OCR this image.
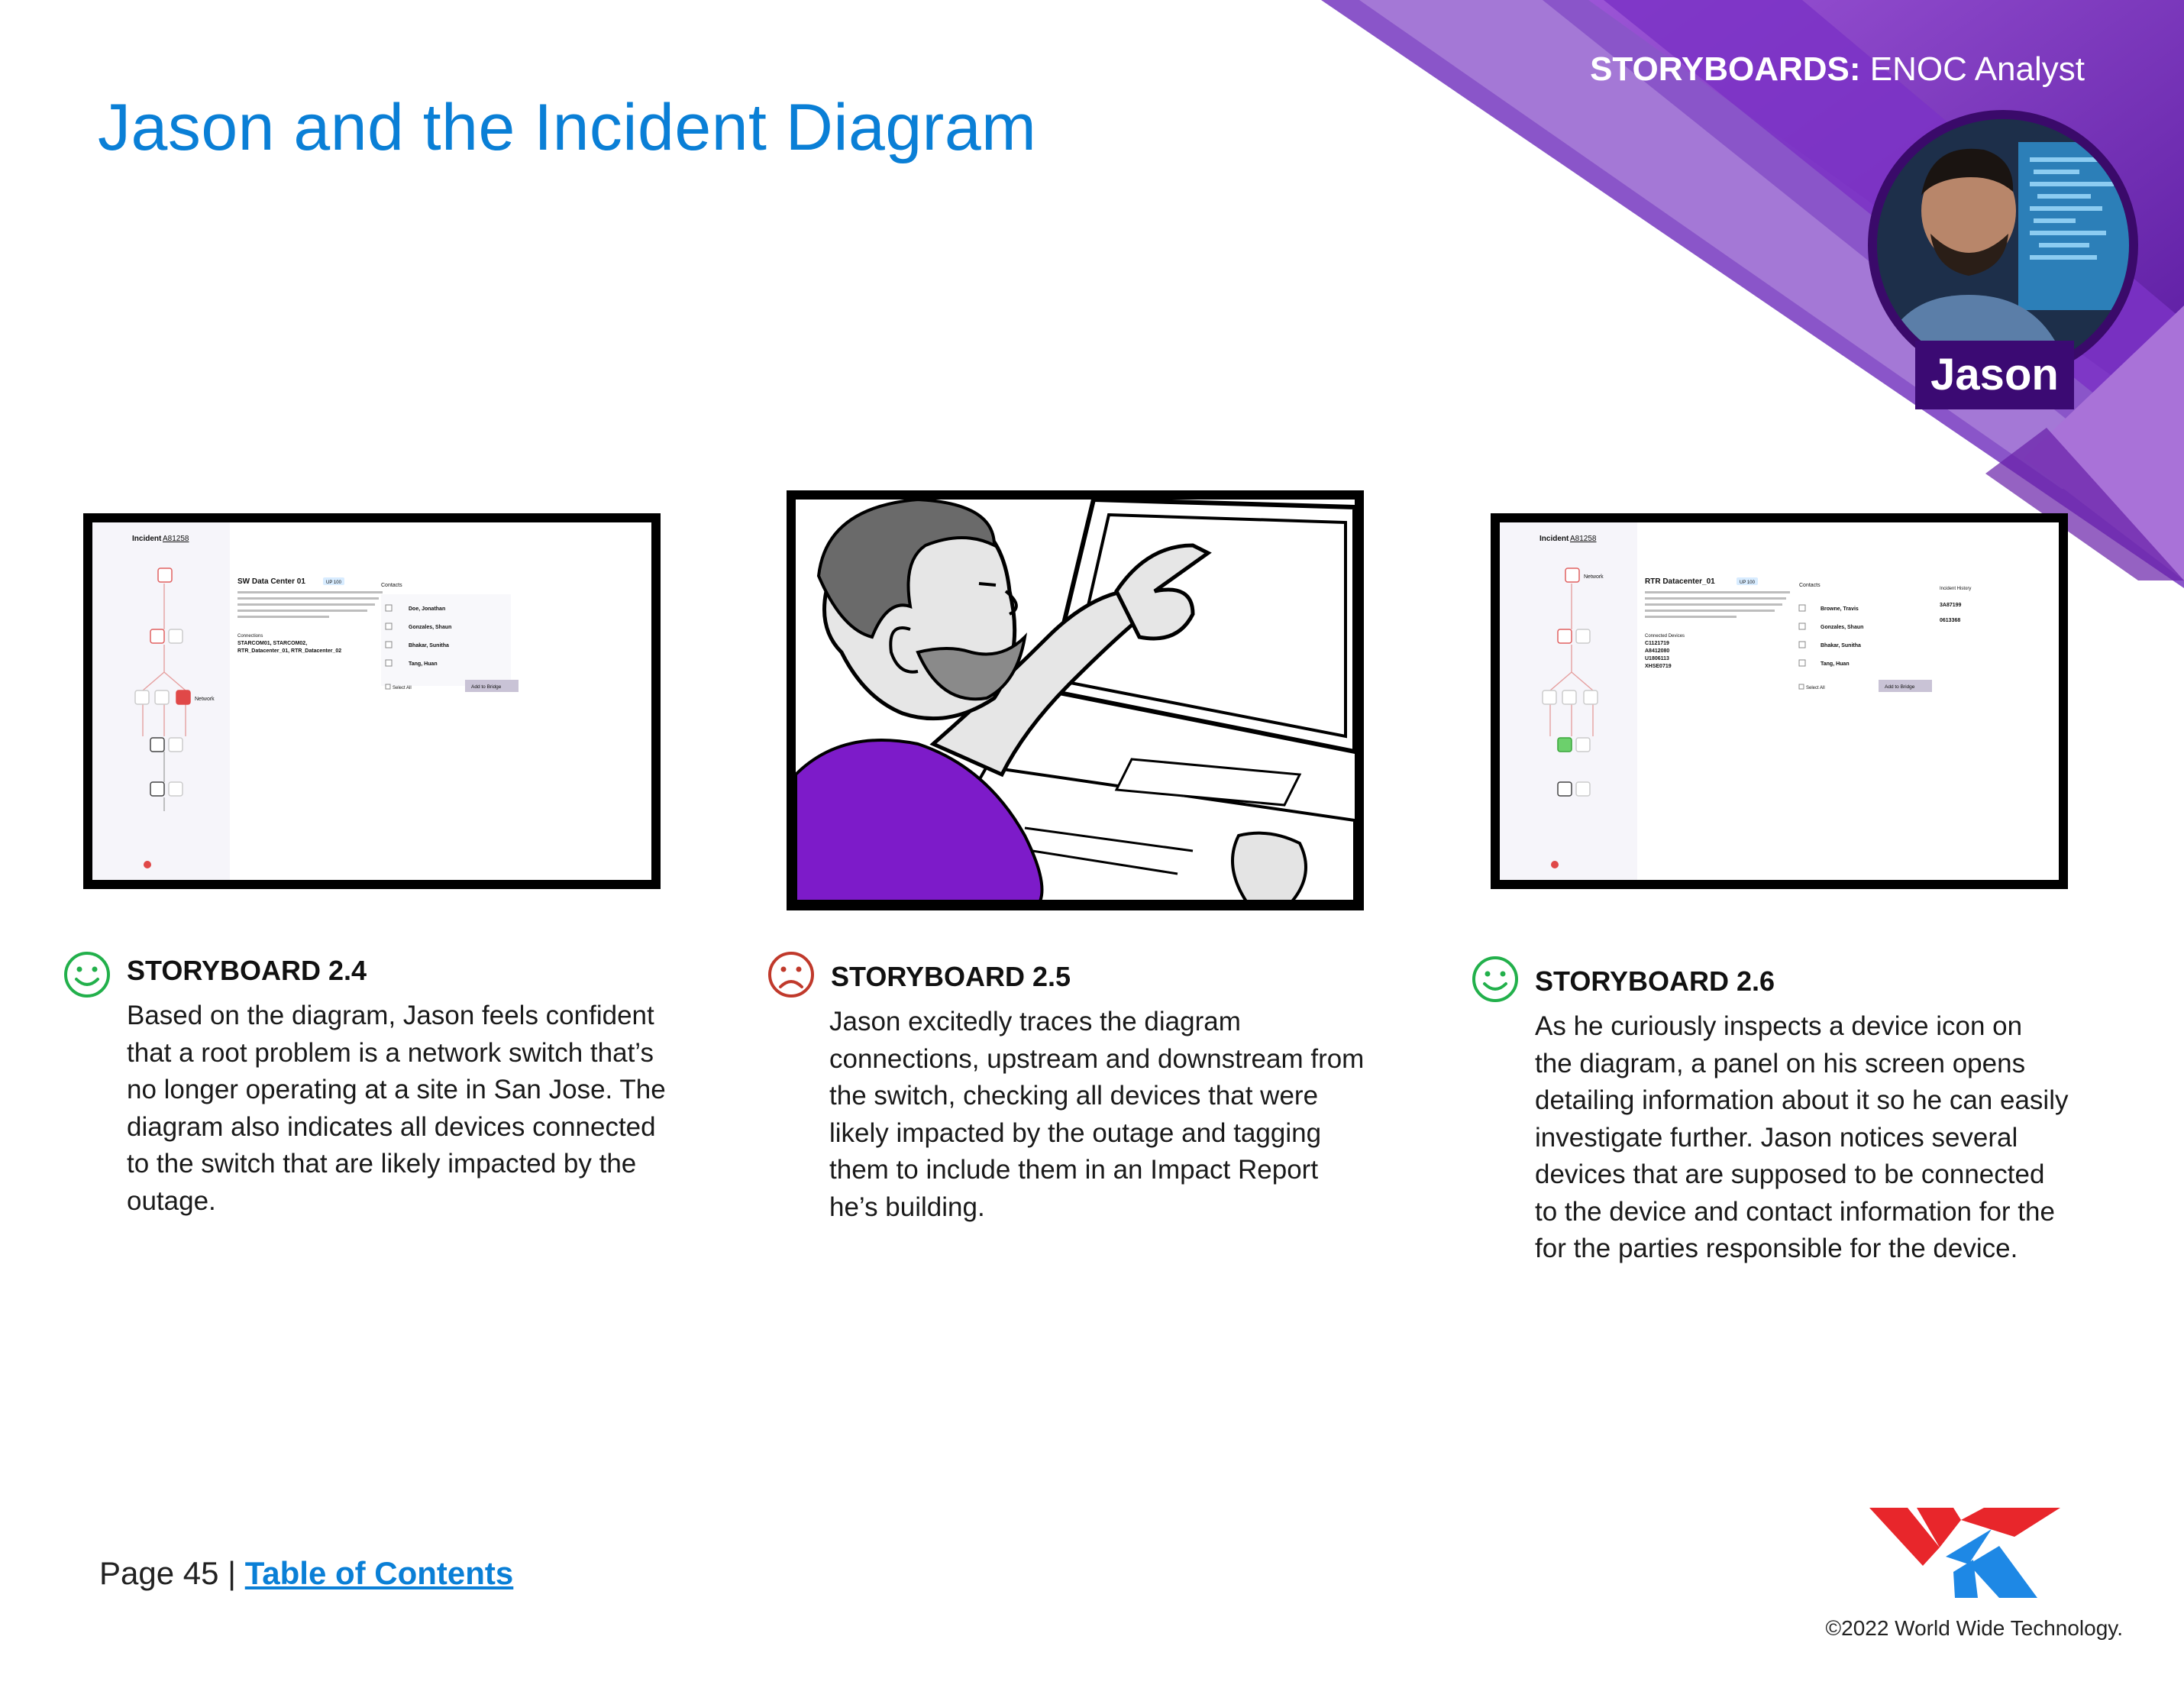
Jason and the Incident Diagram
STORYBOARDS: ENOC Analyst
Jason
Incident A81258
Network
SW Data Center 01	UP 100
Connections
STARCOM01, STARCOM02,
RTR_Datacenter_01, RTR_Datacenter_02
Contacts
Doe, Jonathan
Gonzales, Shaun
Bhakar, Sunitha
Tang, Huan
Select All	Add to Bridge
Incident A81258
Network
RTR Datacenter_01	UP 100
Connected Devices
C1121719
A8412080
U1806113
XHSE0719
Contacts
Browne, Travis
Gonzales, Shaun
Bhakar, Sunitha
Tang, Huan
Select All	Add to Bridge
Incident History
3A87199
0613368
STORYBOARD 2.4
Based on the diagram, Jason feels confident
that a root problem is a network switch that’s
no longer operating at a site in San Jose. The
diagram also indicates all devices connected
to the switch that are likely impacted by the
outage.
STORYBOARD 2.5
Jason excitedly traces the diagram
connections, upstream and downstream from
the switch, checking all devices that were
likely impacted by the outage and tagging
them to include them in an Impact Report
he’s building.
STORYBOARD 2.6
As he curiously inspects a device icon on
the diagram, a panel on his screen opens
detailing information about it so he can easily
investigate further. Jason notices several
devices that are supposed to be connected
to the device and contact information for the
for the parties responsible for the device.
Page 45 | Table of Contents
©2022 World Wide Technology.
